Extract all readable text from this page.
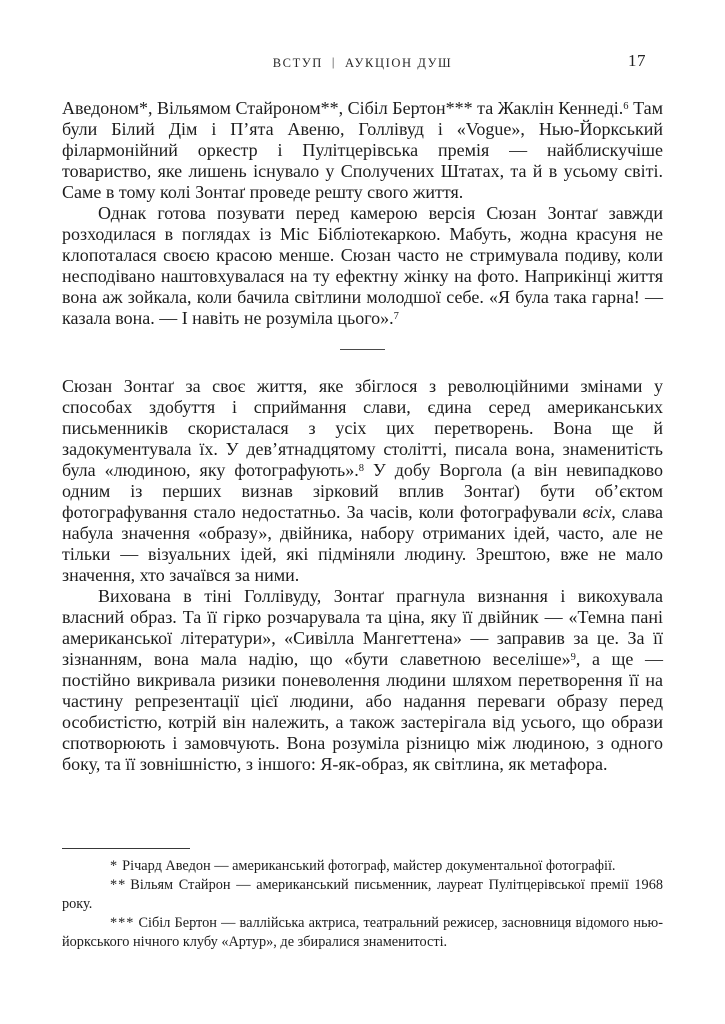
ВСТУП | АУКЦІОН ДУШ	17

Аведоном*, Вільямом Стайроном**, Сібіл Бертон*** та Жаклін Кеннеді.$^6$ Там були Білий Дім і П’ята Авеню, Голлівуд і «Vogue», Нью-Йоркський філармонійний оркестр і Пулітцерівська премія — найблискучіше товариство, яке лишень існувало у Сполучених Штатах, та й в усьому світі. Саме в тому колі Зонтаґ проведе решту свого життя.

Однак готова позувати перед камерою версія Сюзан Зонтаґ завжди розходилася в поглядах із Міс Бібліотекаркою. Мабуть, жодна красуня не клопоталася своєю красою менше. Сюзан часто не стримувала подиву, коли несподівано наштовхувалася на ту ефектну жінку на фото. Наприкінці життя вона аж зойкала, коли бачила світлини молодшої себе. «Я була така гарна! — казала вона. — І навіть не розуміла цього».$^7$

Сюзан Зонтаґ за своє життя, яке збіглося з революційними змінами у способах здобуття і сприймання слави, єдина серед американських письменників скористалася з усіх цих перетворень. Вона ще й задокументувала їх. У дев’ятнадцятому столітті, писала вона, знаменитість була «людиною, яку фотографують».$^8$ У добу Воргола (а він невипадково одним із перших визнав зірковий вплив Зонтаґ) бути об’єктом фотографування стало недостатньо. За часів, коли фотографували всіх, слава набула значення «образу», двійника, набору отриманих ідей, часто, але не тільки — візуальних ідей, які підміняли людину. Зрештою, вже не мало значення, хто зачаївся за ними.

Вихована в тіні Голлівуду, Зонтаґ прагнула визнання і викохувала власний образ. Та її гірко розчарувала та ціна, яку її двійник — «Темна пані американської літератури», «Сивілла Мангеттена» — заправив за це. За її зізнанням, вона мала надію, що «бути славетною веселіше»$^9$, а ще — постійно викривала ризики поневолення людини шляхом перетворення її на частину репрезентації цієї людини, або надання переваги образу перед особистістю, котрій він належить, а також застерігала від усього, що образи спотворюють і замовчують. Вона розуміла різницю між людиною, з одного боку, та її зовнішністю, з іншого: Я-як-образ, як світлина, як метафора.

* Річард Аведон — американський фотограф, майстер документальної фотографії.

** Вільям Стайрон — американський письменник, лауреат Пулітцерівської премії 1968 року.

*** Сібіл Бертон — валлійська актриса, театральний режисер, засновниця відомого нью-йоркського нічного клубу «Артур», де збиралися знаменитості.
